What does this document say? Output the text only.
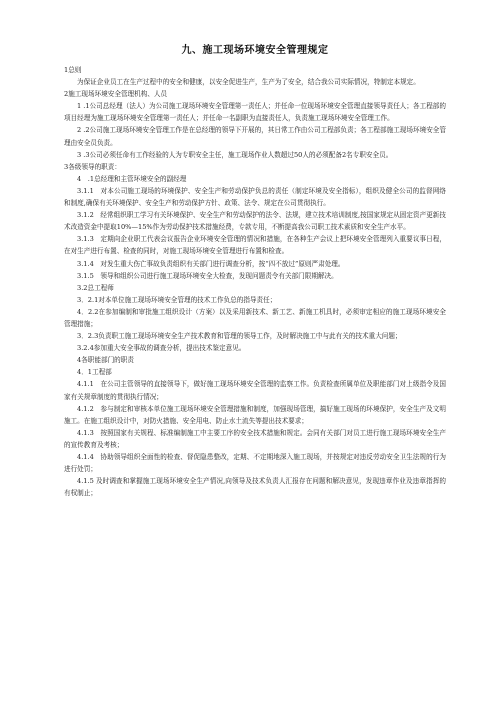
九、施工现场环境安全管理规定

1总则

为保证企业员工在生产过程中的安全和健康，以安全促进生产，生产为了安全，结合我公司实际情况，特制定本规定。

2施工现场环境安全管理机构、人员

1 .1公司总经理（法人）为公司施工现场环境安全管理第一责任人；并任命一位现场环境安全管理直接领导责任人；各工程部的项目经理为施工现场环境安全管理第一责任人；并任命一名副职为直接责任人，负责施工现场环境安全管理工作。

2 .2公司施工现场环境安全管理工作是在总经理的领导下开展的，其日常工作由公司工程部负责；各工程部施工现场环境安全管理由安全员负责。

3 .3公司必须任命有工作经验的人为专职安全主任，施工现场作业人数超过50人的必须配备2名专职安全员。

3各级领导的职责：

4　.1总经理和主管环境安全的副经理

3.1.1　对本公司施工现场的环境保护、安全生产和劳动保护负总的责任（制定环境及安全指标），组织及健全公司的监督网络和制度,确保有关环境保护、安全生产和劳动保护方针、政策、法令、规定在公司贯彻执行。

3.1.2　经常组织职工学习有关环境保护、安全生产和劳动保护的法令、法规，建立技术培训制度,按国家规定从固定资产更新技术改造资金中提取10%—15%作为劳动保护技术措施经费，专款专用，不断提高我公司职工技术素质和安全生产水平。

3.1.3　定期向企业职工代表会议报告企业环境安全管理的情况和措施，在各种生产会议上把环境安全管理列入重要议事日程，在对生产进行布置、检查的同时，对施工现场环境安全管理进行布置和检查。

3.1.4　对发生重大伤亡事故负责组织有关部门进行调查分析，按“四不放过”原则严肃处理。

3.1.5　领导和组织公司进行施工现场环境安全大检查，发现问题责令有关部门限期解决。

3.2总工程师

3．2.1对本单位施工现场环境安全管理的技术工作负总的指导责任；

4．2.2在参加编制和审批施工组织设计（方案）以及采用新技术、新工艺、新施工机具时，必须审定相应的施工现场环境安全管理措施；

3．2.3负责职工施工现场环境安全生产技术教育和管理的领导工作，及时解决施工中与此有关的技术重大问题；

3.2.4参加重大安全事故的调查分析，提出技术鉴定意见。

4各职能部门的职责

4．1工程部

4.1.1　在公司主管领导的直接领导下，做好施工现场环境安全管理的监察工作。负责检查所属单位及职能部门对上级指令及国家有关规章制度的贯彻执行情况；

4.1.2　参与制定和审核本单位施工现场环境安全管理措施和制度，加强现场管理，搞好施工现场的环境保护，安全生产及文明施工。在施工组织设计中，对防火措施、安全用电、防止水土流失等提出技术要求；

4.1.3　按照国家有关规程、标准编制施工中主要工序的安全技术措施和规定。会同有关部门对员工进行施工现场环境安全生产的宣传教育及考核；

4.1.4　协助领导组织全面性的检查、督促隐患整改，定期、不定期地深入施工现场，并按规定对违反劳动安全卫生法规的行为进行处罚；

4.1.5 及时调查和掌握施工现场环境安全生产情况,向领导及技术负责人汇报存在问题和解决意见，发现违章作业及违章指挥的有权制止；
